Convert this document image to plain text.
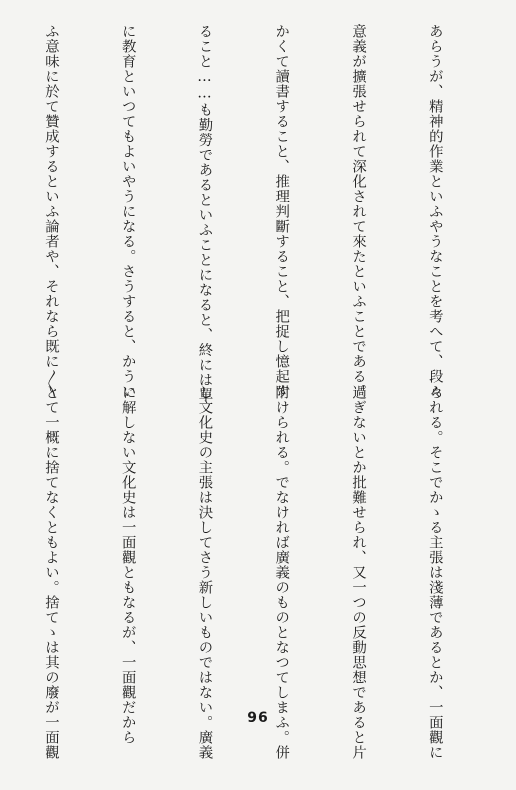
あらうが、精神的作業といふやうなことを考へて、段々

意義が擴張せられて深化されて來たといふことである。

かくて讀書すること、推理判斷すること、把捉し憶起す

ること……も勤勞であるといふことになると、終には單

に教育といつてもよいやうになる。さうすると、かうい

ふ意味に於て贊成するといふ論者や、それなら既に〱

られる。そこでかゝる主張は淺薄であるとか、一面觀に

過ぎないとか批難せられ、又一つの反動思想であると片

附けられる。でなければ廣義のものとなつてしまふ。併

し文化史の主張は決してさう新しいものではない。廣義

に解しない文化史は一面觀ともなるが、一面觀だから

とて一概に捨てなくともよい。捨てゝは其の廢が一面觀

	96
